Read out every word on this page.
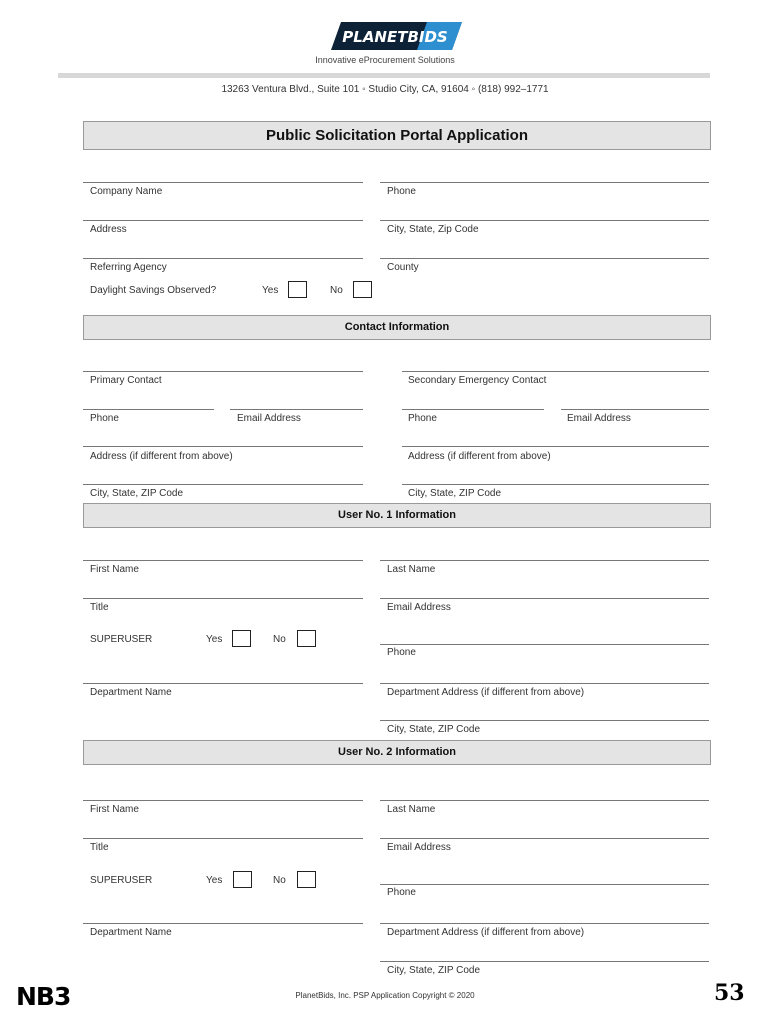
PLANETBIDS
Innovative eProcurement Solutions
13263 Ventura Blvd., Suite 101 ◦ Studio City, CA, 91604 ◦ (818) 992–1771
Public Solicitation Portal Application
Company Name	Phone
Address	City, State, Zip Code
Referring Agency	County
Daylight Savings Observed?	Yes	No
Contact Information
Primary Contact	Secondary Emergency Contact
Phone	Email Address	Phone	Email Address
Address (if different from above)	Address (if different from above)
City, State, ZIP Code	City, State, ZIP Code
User No. 1 Information
First Name	Last Name
Title	Email Address
SUPERUSER	Yes	No
Phone
Department Name	Department Address (if different from above)
City, State, ZIP Code
User No. 2 Information
First Name	Last Name
Title	Email Address
SUPERUSER	Yes	No
Phone
Department Name	Department Address (if different from above)
City, State, ZIP Code
NB3	PlanetBids, Inc. PSP Application Copyright © 2020	53
